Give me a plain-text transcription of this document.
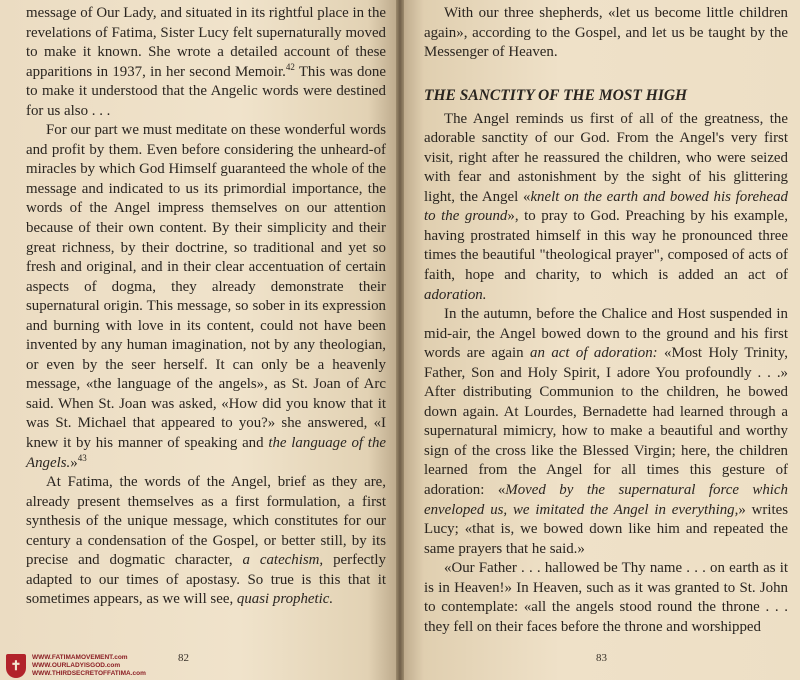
message of Our Lady, and situated in its rightful place in the revelations of Fatima, Sister Lucy felt supernaturally moved to make it known. She wrote a detailed account of these apparitions in 1937, in her second Memoir.$^{42}$ This was done to make it understood that the Angelic words were destined for us also . . .

For our part we must meditate on these wonderful words and profit by them. Even before considering the unheard-of miracles by which God Himself guaranteed the whole of the message and indicated to us its primordial importance, the words of the Angel impress themselves on our attention because of their own content. By their simplicity and their great richness, by their doctrine, so traditional and yet so fresh and original, and in their clear accentuation of certain aspects of dogma, they already demonstrate their supernatural origin. This message, so sober in its expression and burning with love in its content, could not have been invented by any human imagination, not by any theologian, or even by the seer herself. It can only be a heavenly message, «the language of the angels», as St. Joan of Arc said. When St. Joan was asked, «How did you know that it was St. Michael that appeared to you?» she answered, «I knew it by his manner of speaking and the language of the Angels.»$^{43}$

At Fatima, the words of the Angel, brief as they are, already present themselves as a first formulation, a first synthesis of the unique message, which constitutes for our century a condensation of the Gospel, or better still, by its precise and dogmatic character, a catechism, perfectly adapted to our times of apostasy. So true is this that it sometimes appears, as we will see, quasi prophetic.

82
✝
WWW.FATIMAMOVEMENT.com
WWW.OURLADYISGOD.com
WWW.THIRDSECRETOFFATIMA.com

With our three shepherds, «let us become little children again», according to the Gospel, and let us be taught by the Messenger of Heaven.

THE SANCTITY OF THE MOST HIGH

The Angel reminds us first of all of the greatness, the adorable sanctity of our God. From the Angel's very first visit, right after he reassured the children, who were seized with fear and astonishment by the sight of his glittering light, the Angel «knelt on the earth and bowed his forehead to the ground», to pray to God. Preaching by his example, having prostrated himself in this way he pronounced three times the beautiful "theological prayer", composed of acts of faith, hope and charity, to which is added an act of adoration.

In the autumn, before the Chalice and Host suspended in mid-air, the Angel bowed down to the ground and his first words are again an act of adoration: «Most Holy Trinity, Father, Son and Holy Spirit, I adore You profoundly . . .» After distributing Communion to the children, he bowed down again. At Lourdes, Bernadette had learned through a supernatural mimicry, how to make a beautiful and worthy sign of the cross like the Blessed Virgin; here, the children learned from the Angel for all times this gesture of adoration: «Moved by the supernatural force which enveloped us, we imitated the Angel in everything,» writes Lucy; «that is, we bowed down like him and repeated the same prayers that he said.»

«Our Father . . . hallowed be Thy name . . . on earth as it is in Heaven!» In Heaven, such as it was granted to St. John to contemplate: «all the angels stood round the throne . . . they fell on their faces before the throne and worshipped

83
